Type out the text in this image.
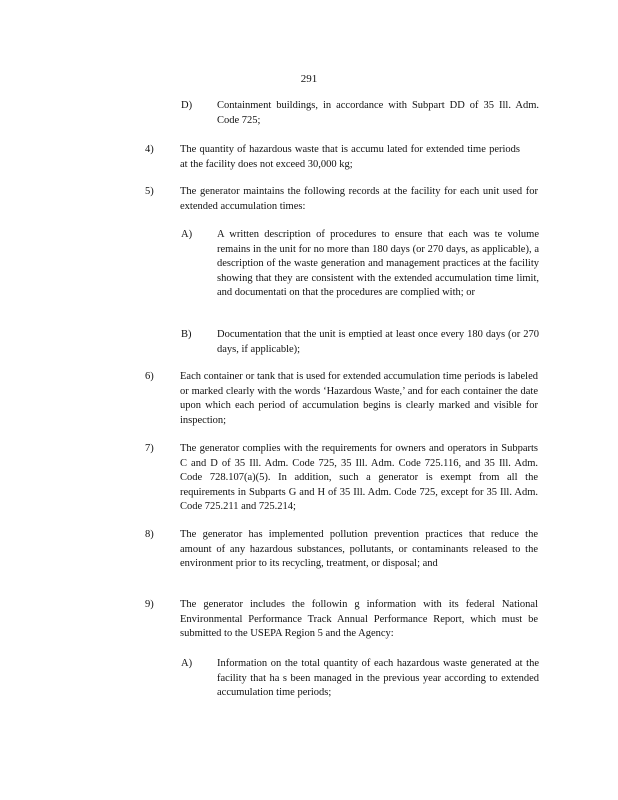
291
D) Containment buildings, in accordance with Subpart DD of 35 Ill. Adm. Code 725;
4)	The quantity of hazardous waste that is accumu lated for extended time periods at the facility does not exceed 30,000 kg;
5)	The generator maintains the following records at the facility for each unit used for extended accumulation times:
A) A written description of procedures to ensure that each was te volume remains in the unit for no more than 180 days (or 270 days, as applicable), a description of the waste generation and management practices at the facility showing that they are consistent with the extended accumulation time limit, and documentati on that the procedures are complied with; or
B) Documentation that the unit is emptied at least once every 180 days (or 270 days, if applicable);
6)	Each container or tank that is used for extended accumulation time periods is labeled or marked clearly with the words ‘Hazardous Waste,’ and for each container the date upon which each period of accumulation begins is clearly marked and visible for inspection;
7)	The generator complies with the requirements for owners and operators in Subparts C and D of 35 Ill. Adm. Code 725, 35 Ill. Adm. Code 725.116, and 35 Ill. Adm. Code 728.107(a)(5). In addition, such a generator is exempt from all the requirements in Subparts G and H of 35 Ill. Adm. Code 725, except for 35 Ill. Adm. Code 725.211 and 725.214;
8)	The generator has implemented pollution prevention practices that reduce the amount of any hazardous substances, pollutants, or contaminants released to the environment prior to its recycling, treatment, or disposal; and
9)	The generator includes the followin g information with its federal National Environmental Performance Track Annual Performance Report, which must be submitted to the USEPA Region 5 and the Agency:
A) Information on the total quantity of each hazardous waste generated at the facility that ha s been managed in the previous year according to extended accumulation time periods;
